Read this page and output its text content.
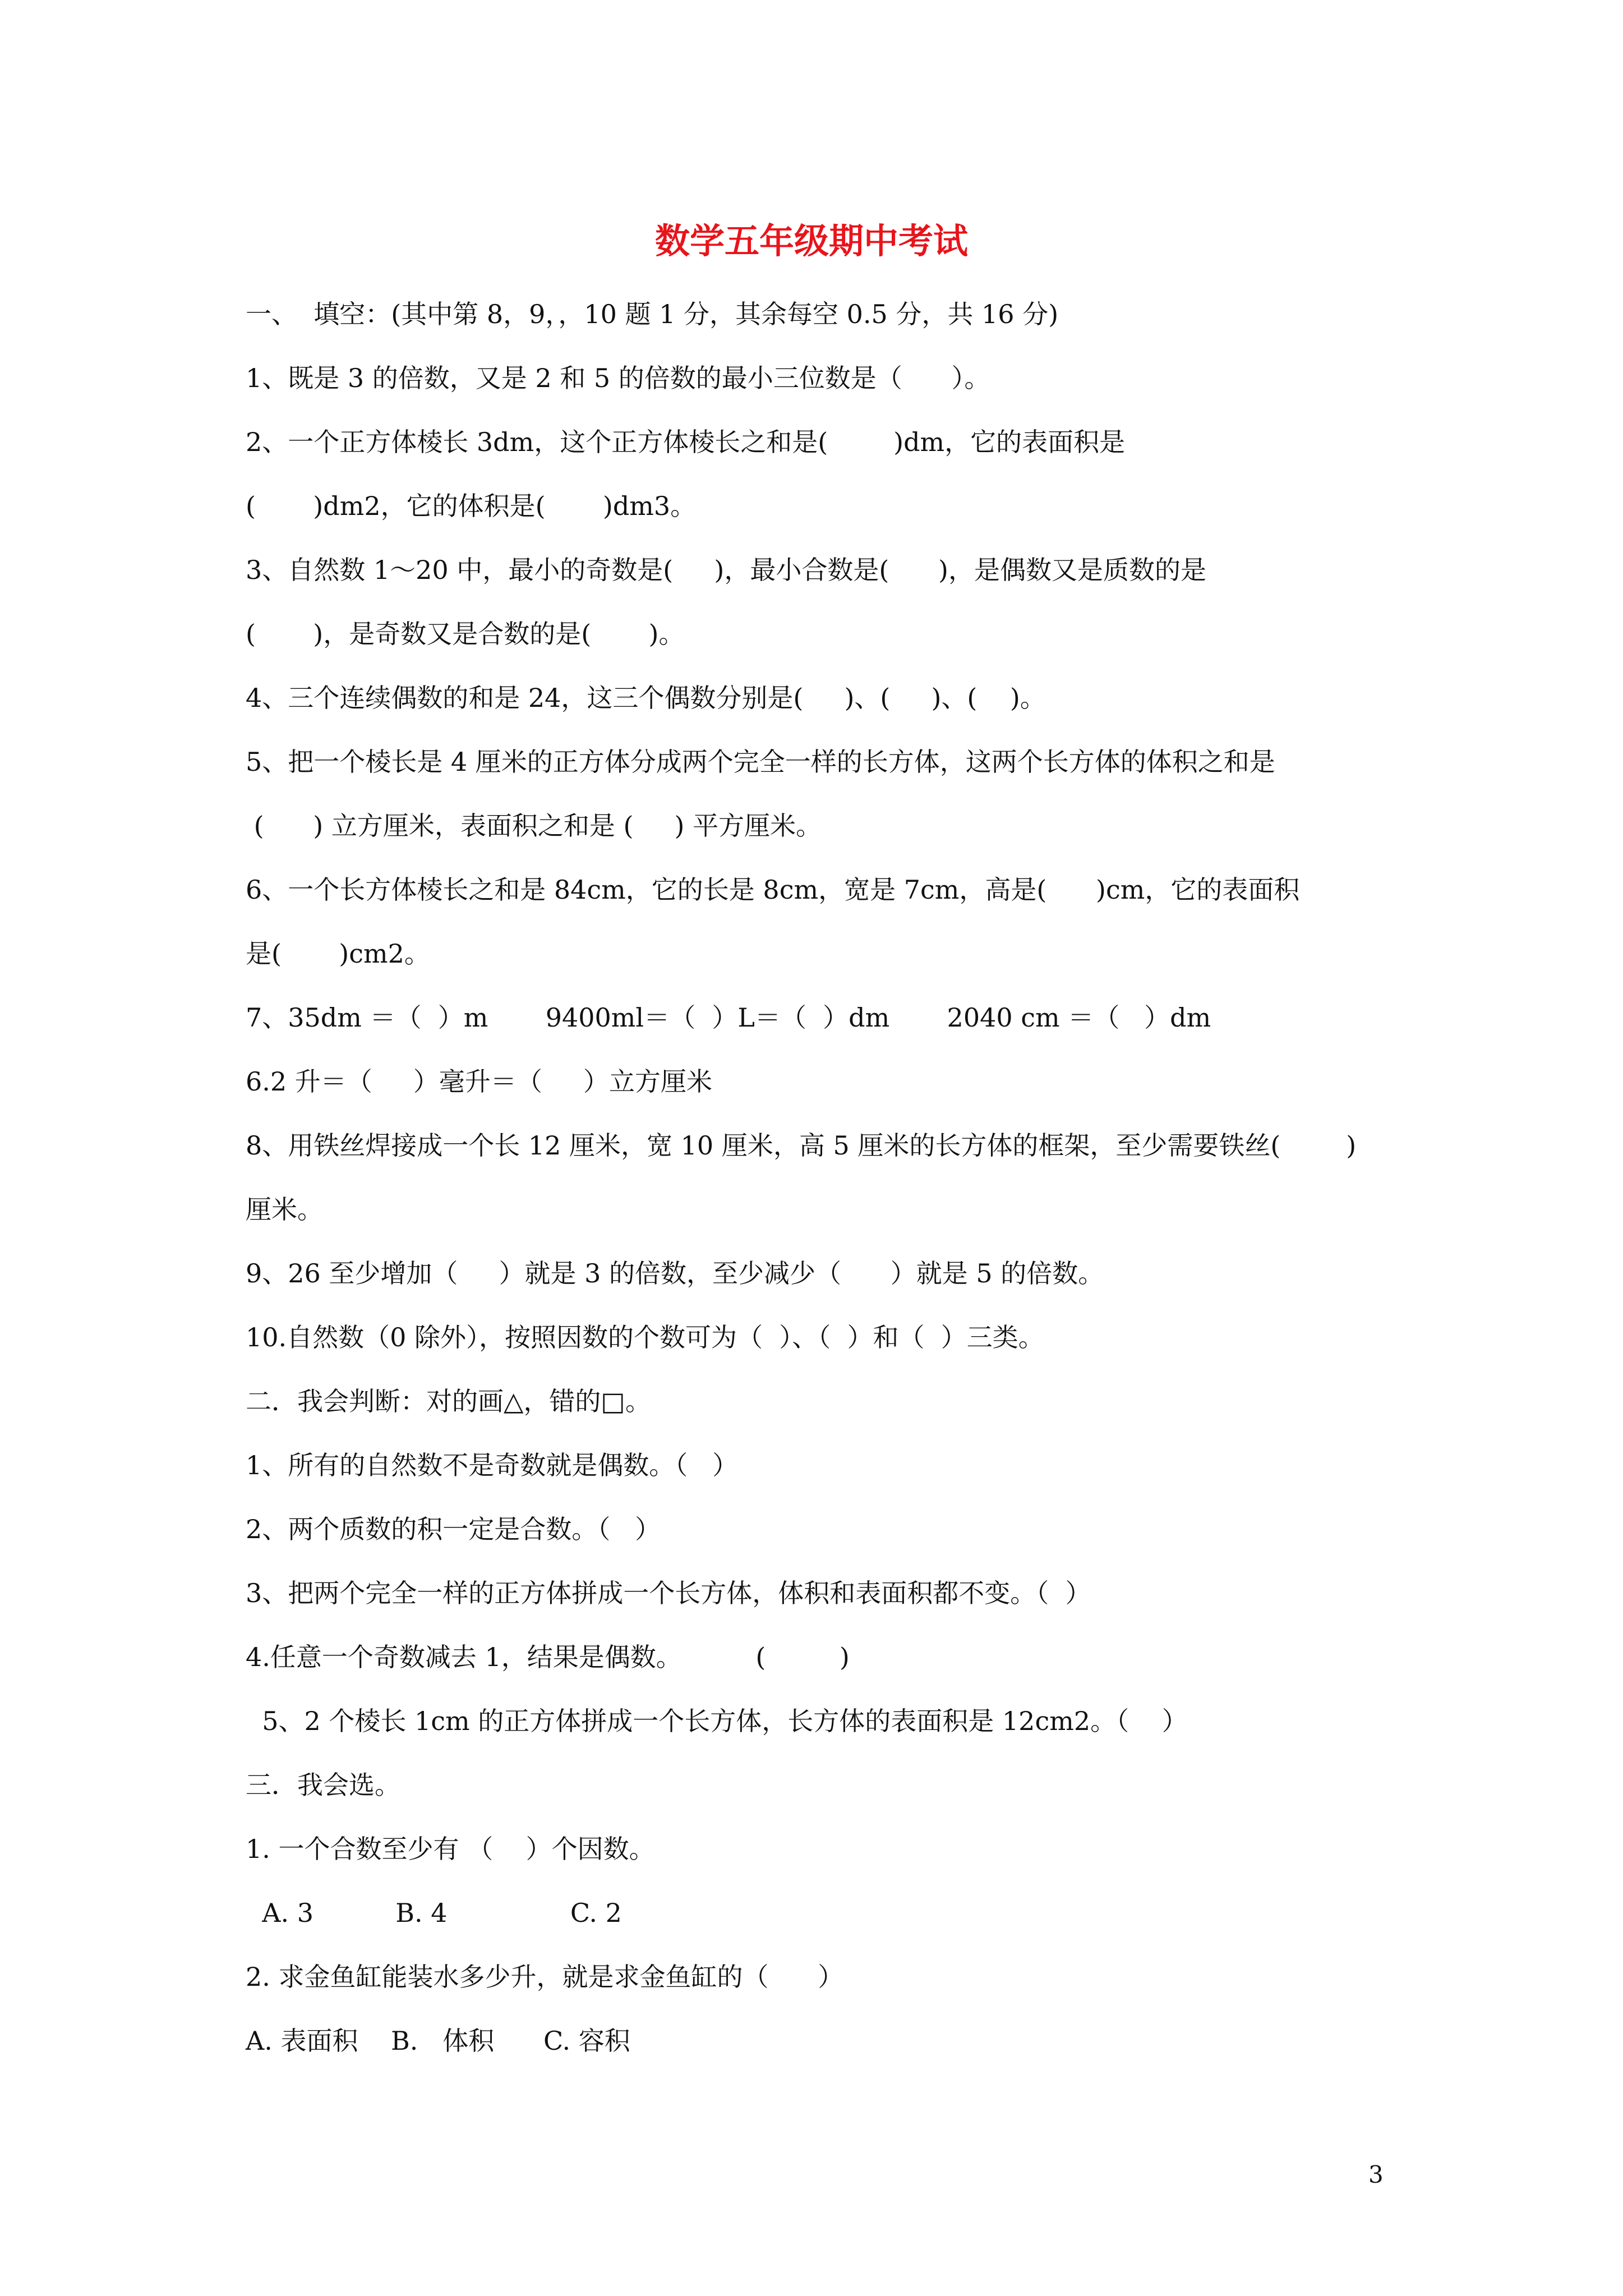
数学五年级期中考试
一、  填空：(其中第 8，9，，10 题 1 分，其余每空 0.5 分，共 16 分)
1、既是 3 的倍数，又是 2 和 5 的倍数的最小三位数是（      ）。
2、一个正方体棱长 3dm，这个正方体棱长之和是(        )dm，它的表面积是
(       )dm2，它的体积是(       )dm3。
3、自然数 1～20 中，最小的奇数是(     )，最小合数是(      )，是偶数又是质数的是
(       )，是奇数又是合数的是(       )。
4、三个连续偶数的和是 24，这三个偶数分别是(     )、(     )、(    )。
5、把一个棱长是 4 厘米的正方体分成两个完全一样的长方体，这两个长方体的体积之和是
(      ) 立方厘米，表面积之和是 (     ) 平方厘米。
6、一个长方体棱长之和是 84cm，它的长是 8cm，宽是 7cm，高是(      )cm，它的表面积
是(       )cm2。
7、35dm ＝（  ）m       9400ml＝（  ）L＝（  ）dm       2040 cm ＝（   ）dm
6.2 升＝（     ）毫升＝（     ）立方厘米
8、用铁丝焊接成一个长 12 厘米，宽 10 厘米，高 5 厘米的长方体的框架，至少需要铁丝(        )
厘米。
9、26 至少增加（     ）就是 3 的倍数，至少减少（      ）就是 5 的倍数。
10.自然数（0 除外），按照因数的个数可为（  ）、（  ）和（  ）三类。
二．我会判断：对的画△，错的□。
1、所有的自然数不是奇数就是偶数。（   ）
2、两个质数的积一定是合数。（   ）
3、把两个完全一样的正方体拼成一个长方体，体积和表面积都不变。（  ）
4.任意一个奇数减去 1，结果是偶数。         (         )
5、2 个棱长 1cm 的正方体拼成一个长方体，长方体的表面积是 12cm2。（    ）
三．我会选。
1. 一个合数至少有 （    ）个因数。
A. 3          B. 4               C. 2
2. 求金鱼缸能装水多少升，就是求金鱼缸的（      ）
A. 表面积    B.   体积      C. 容积
3
